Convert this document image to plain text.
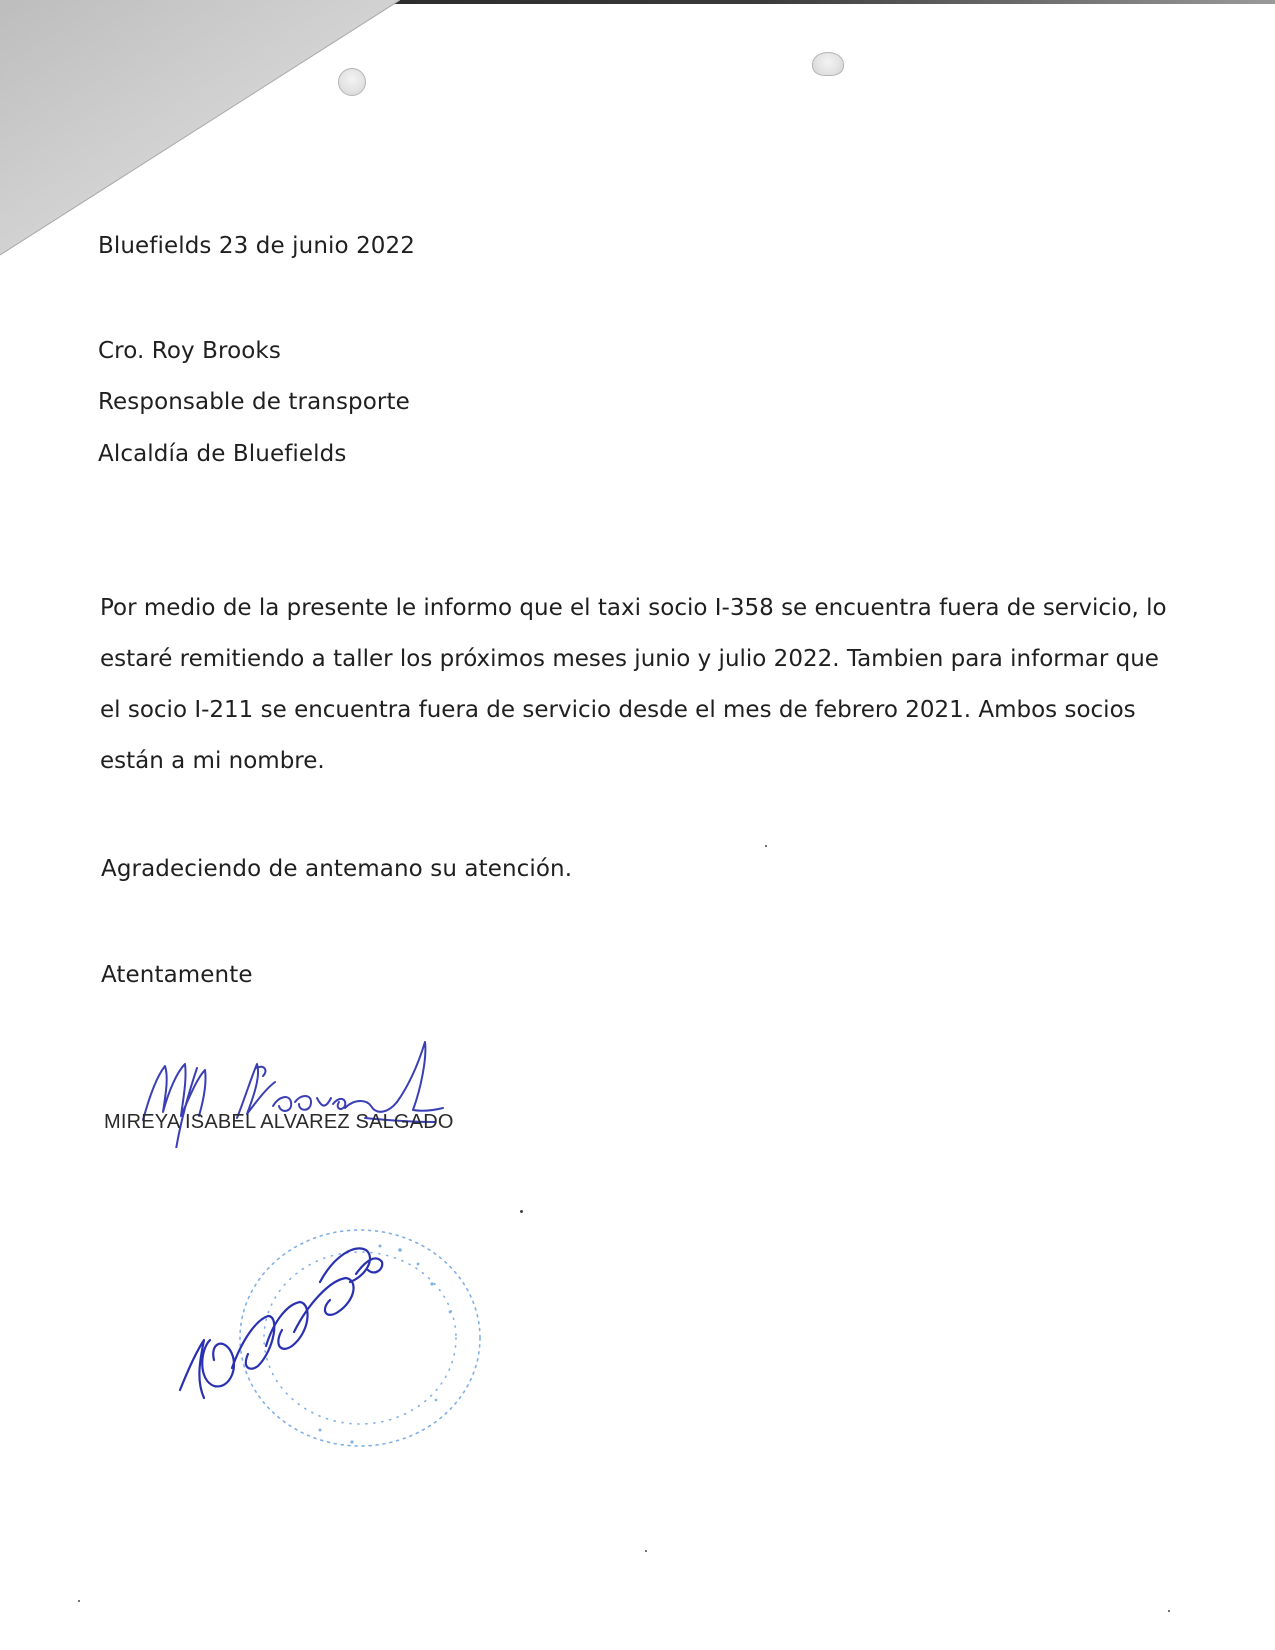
Bluefields 23 de junio 2022
Cro. Roy Brooks
Responsable de transporte
Alcaldía de Bluefields
Por medio de la presente le informo que el taxi socio I-358 se encuentra fuera de servicio, lo estaré remitiendo a taller los próximos meses junio y julio 2022. Tambien para informar que el socio I-211 se encuentra fuera de servicio desde el mes de febrero 2021. Ambos socios están a mi nombre.
Agradeciendo de antemano su atención.
Atentamente
MIREYA ISABEL ALVAREZ SALGADO
